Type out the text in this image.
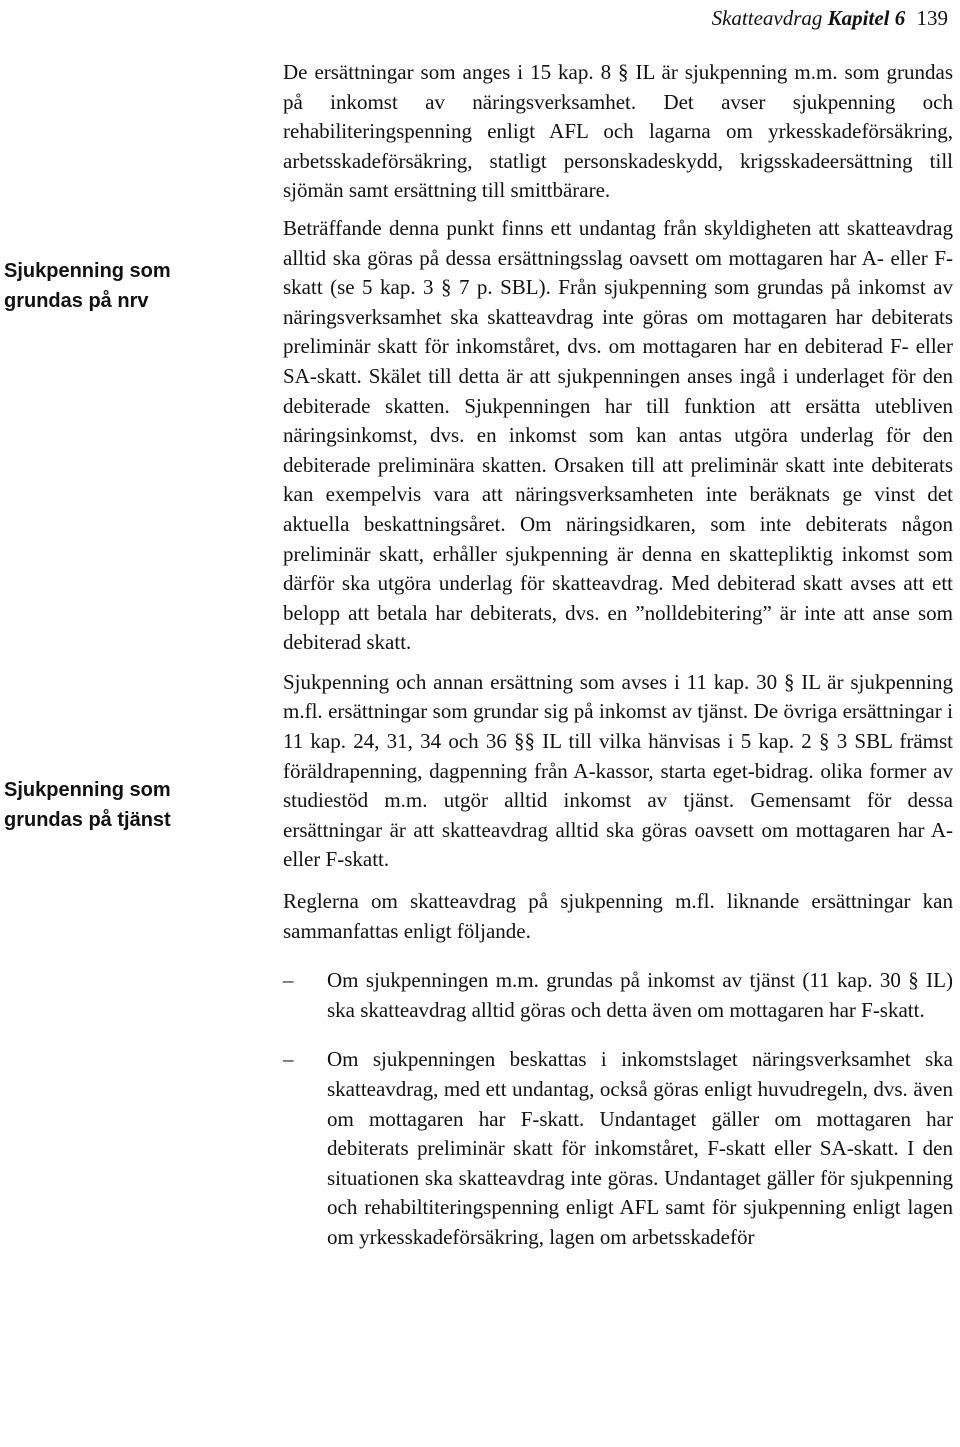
Skatteavdrag Kapitel 6 139
Sjukpenning som grundas på nrv
Sjukpenning som grundas på tjänst

De ersättningar som anges i 15 kap. 8 § IL är sjukpenning m.m. som grundas på inkomst av näringsverksamhet. Det avser sjukpenning och rehabiliteringspenning enligt AFL och lagarna om yrkesskadeförsäkring, arbetsskadeförsäkring, statligt personskadeskydd, krigsskadeersättning till sjömän samt ersättning till smittbärare.

Beträffande denna punkt finns ett undantag från skyldigheten att skatteavdrag alltid ska göras på dessa ersättningsslag oavsett om mottagaren har A- eller F-skatt (se 5 kap. 3 § 7 p. SBL). Från sjukpenning som grundas på inkomst av näringsverksamhet ska skatteavdrag inte göras om mottagaren har debiterats preliminär skatt för inkomståret, dvs. om mottagaren har en debiterad F- eller SA-skatt. Skälet till detta är att sjukpenningen anses ingå i underlaget för den debiterade skatten. Sjukpenningen har till funktion att ersätta utebliven näringsinkomst, dvs. en inkomst som kan antas utgöra underlag för den debiterade preliminära skatten. Orsaken till att preliminär skatt inte debiterats kan exempelvis vara att näringsverksamheten inte beräknats ge vinst det aktuella beskattningsåret. Om näringsidkaren, som inte debiterats någon preliminär skatt, erhåller sjukpenning är denna en skattepliktig inkomst som därför ska utgöra underlag för skatteavdrag. Med debiterad skatt avses att ett belopp att betala har debiterats, dvs. en ”nolldebitering” är inte att anse som debiterad skatt.

Sjukpenning och annan ersättning som avses i 11 kap. 30 § IL är sjukpenning m.fl. ersättningar som grundar sig på inkomst av tjänst. De övriga ersättningar i 11 kap. 24, 31, 34 och 36 §§ IL till vilka hänvisas i 5 kap. 2 § 3 SBL främst föräldrapenning, dagpenning från A-kassor, starta eget-bidrag. olika former av studiestöd m.m. utgör alltid inkomst av tjänst. Gemensamt för dessa ersättningar är att skatteavdrag alltid ska göras oavsett om mottagaren har A- eller F-skatt.

Reglerna om skatteavdrag på sjukpenning m.fl. liknande ersättningar kan sammanfattas enligt följande.

–	Om sjukpenningen m.m. grundas på inkomst av tjänst (11 kap. 30 § IL) ska skatteavdrag alltid göras och detta även om mottagaren har F-skatt.
–	Om sjukpenningen beskattas i inkomstslaget näringsverksamhet ska skatteavdrag, med ett undantag, också göras enligt huvudregeln, dvs. även om mottagaren har F-skatt. Undantaget gäller om mottagaren har debiterats preliminär skatt för inkomståret, F-skatt eller SA-skatt. I den situationen ska skatteavdrag inte göras. Undantaget gäller för sjukpenning och rehabiltiteringspenning enligt AFL samt för sjukpenning enligt lagen om yrkesskadeförsäkring, lagen om arbetsskadeför
